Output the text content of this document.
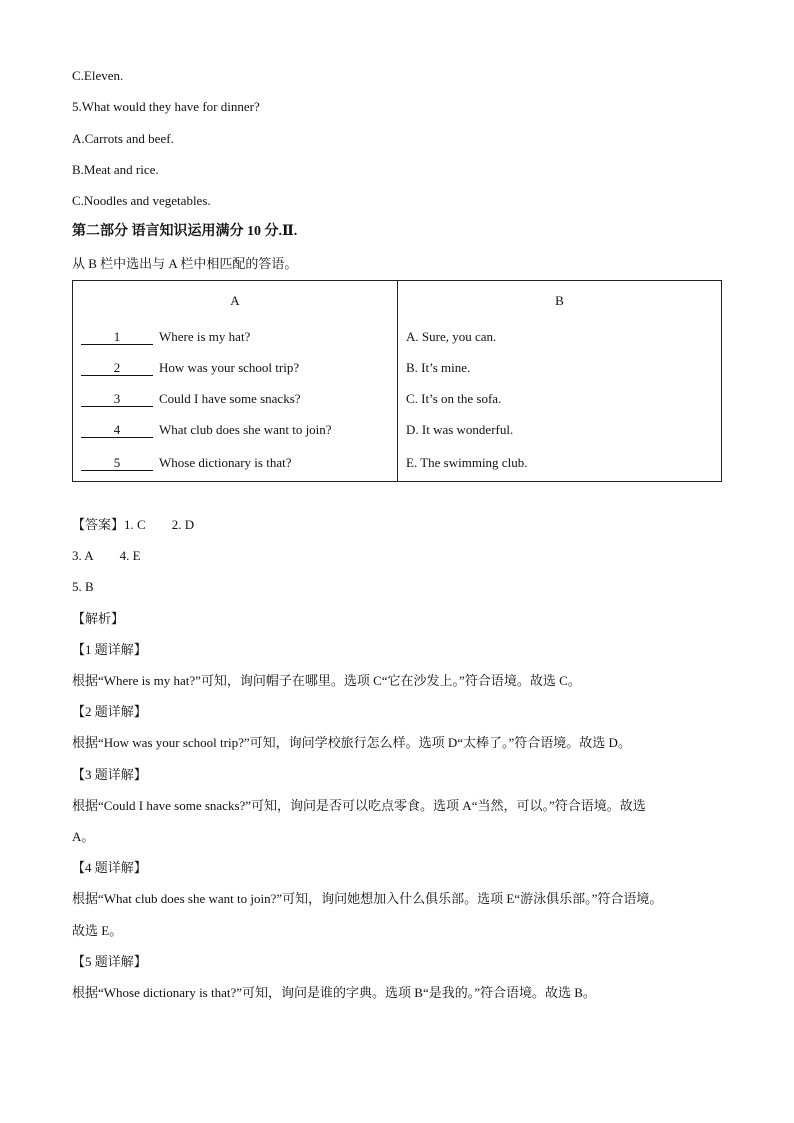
C.Eleven.
5.What would they have for dinner?
A.Carrots and beef.
B.Meat and rice.
C.Noodles and vegetables.
第二部分 语言知识运用满分 10 分.Ⅱ.
从 B 栏中选出与 A 栏中相匹配的答语。
A	B
1 Where is my hat?	A. Sure, you can.
2 How was your school trip?	B. It’s mine.
3 Could I have some snacks?	C. It’s on the sofa.
4 What club does she want to join?	D. It was wonderful.
5 Whose dictionary is that?	E. The swimming club.
【答案】1. C 2. D
3. A 4. E
5. B
【解析】
【1 题详解】
根据“Where is my hat?”可知，询问帽子在哪里。选项 C“它在沙发上。”符合语境。故选 C。
【2 题详解】
根据“How was your school trip?”可知，询问学校旅行怎么样。选项 D“太棒了。”符合语境。故选 D。
【3 题详解】
根据“Could I have some snacks?”可知，询问是否可以吃点零食。选项 A“当然，可以。”符合语境。故选
A。
【4 题详解】
根据“What club does she want to join?”可知，询问她想加入什么俱乐部。选项 E“游泳俱乐部。”符合语境。
故选 E。
【5 题详解】
根据“Whose dictionary is that?”可知，询问是谁的字典。选项 B“是我的。”符合语境。故选 B。
